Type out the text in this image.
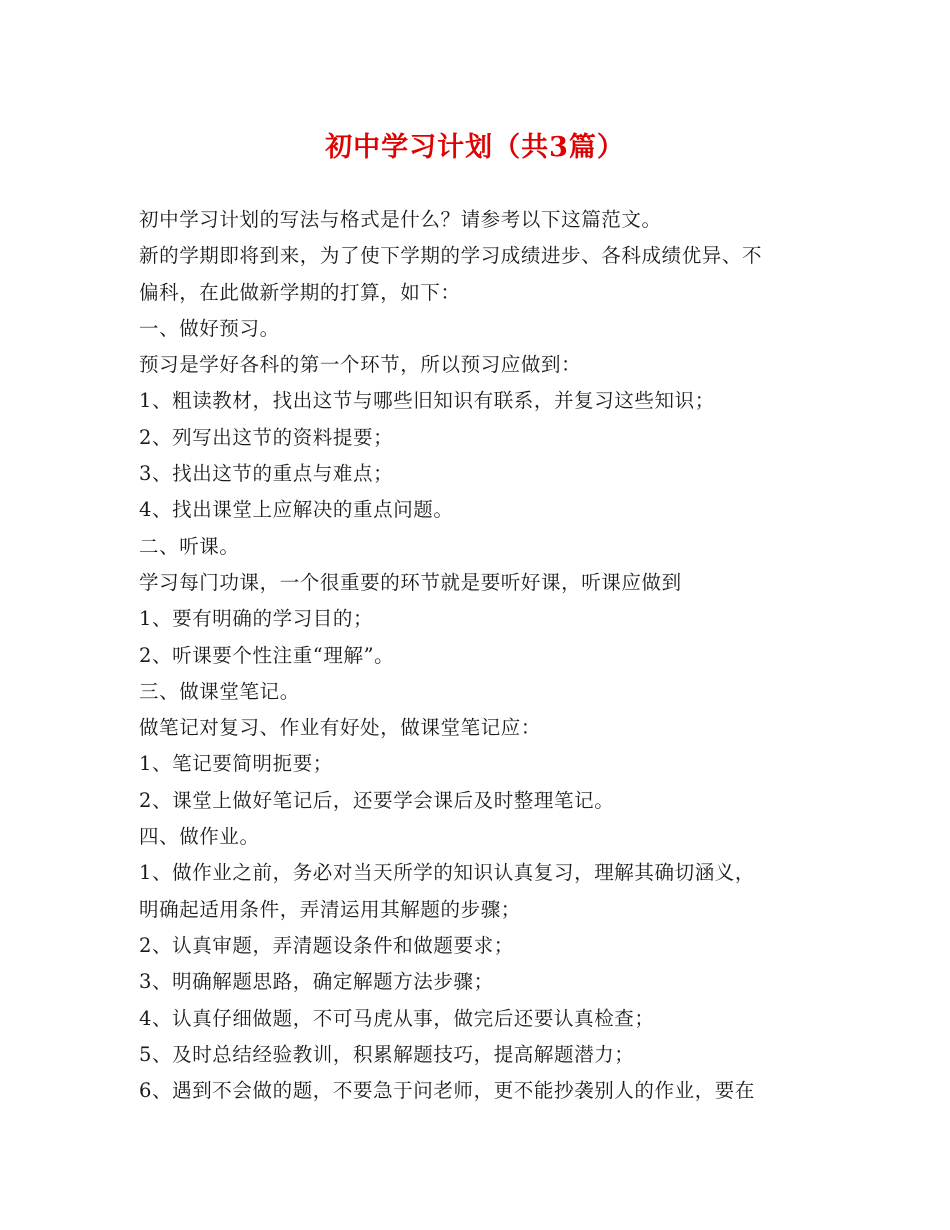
初中学习计划（共3篇）
初中学习计划的写法与格式是什么？请参考以下这篇范文。
新的学期即将到来，为了使下学期的学习成绩进步、各科成绩优异、不
偏科，在此做新学期的打算，如下：
一、做好预习。
预习是学好各科的第一个环节，所以预习应做到：
1、粗读教材，找出这节与哪些旧知识有联系，并复习这些知识；
2、列写出这节的资料提要；
3、找出这节的重点与难点；
4、找出课堂上应解决的重点问题。
二、听课。
学习每门功课，一个很重要的环节就是要听好课，听课应做到
1、要有明确的学习目的；
2、听课要个性注重“理解”。
三、做课堂笔记。
做笔记对复习、作业有好处，做课堂笔记应：
1、笔记要简明扼要；
2、课堂上做好笔记后，还要学会课后及时整理笔记。
四、做作业。
1、做作业之前，务必对当天所学的知识认真复习，理解其确切涵义，
明确起适用条件，弄清运用其解题的步骤；
2、认真审题，弄清题设条件和做题要求；
3、明确解题思路，确定解题方法步骤；
4、认真仔细做题，不可马虎从事，做完后还要认真检查；
5、及时总结经验教训，积累解题技巧，提高解题潜力；
6、遇到不会做的题，不要急于问老师，更不能抄袭别人的作业，要在
